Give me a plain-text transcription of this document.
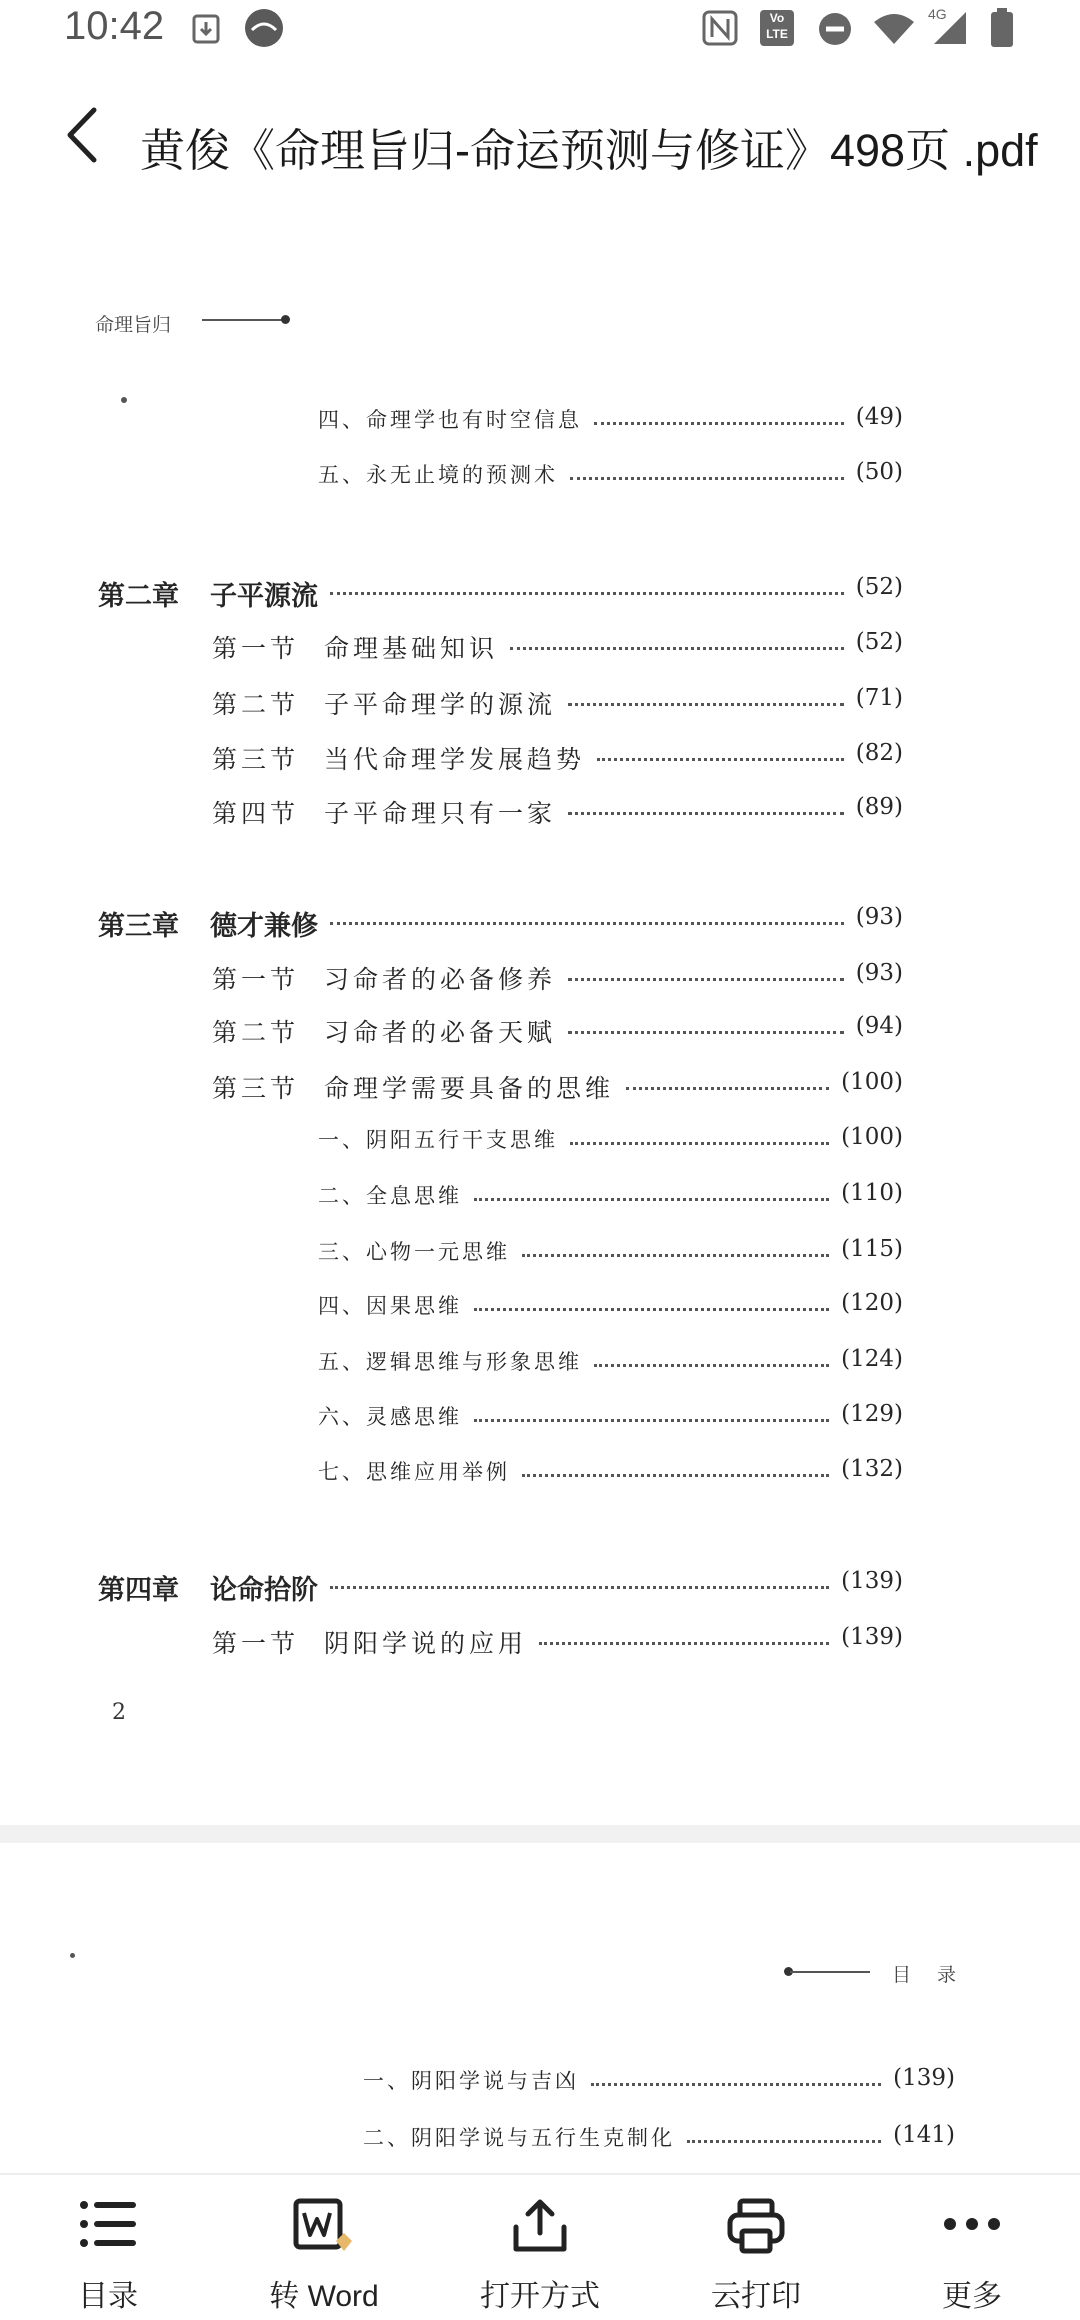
10:42	Vo LTE
4G
黄俊《命理旨归-命运预测与修证》498页 .pdf
命理旨归
四、命理学也有时空信息	(49)
五、永无止境的预测术	(50)
第二章 子平源流	(52)
第一节 命理基础知识	(52)
第二节 子平命理学的源流	(71)
第三节 当代命理学发展趋势	(82)
第四节 子平命理只有一家	(89)
第三章 德才兼修	(93)
第一节 习命者的必备修养	(93)
第二节 习命者的必备天赋	(94)
第三节 命理学需要具备的思维	(100)
一、阴阳五行干支思维	(100)
二、全息思维	(110)
三、心物一元思维	(115)
四、因果思维	(120)
五、逻辑思维与形象思维	(124)
六、灵感思维	(129)
七、思维应用举例	(132)
第四章 论命拾阶	(139)
第一节 阴阳学说的应用	(139)
2
目 录
一、阴阳学说与吉凶	(139)
二、阴阳学说与五行生克制化	(141)
目录	转 Word	打开方式	云打印	更多
